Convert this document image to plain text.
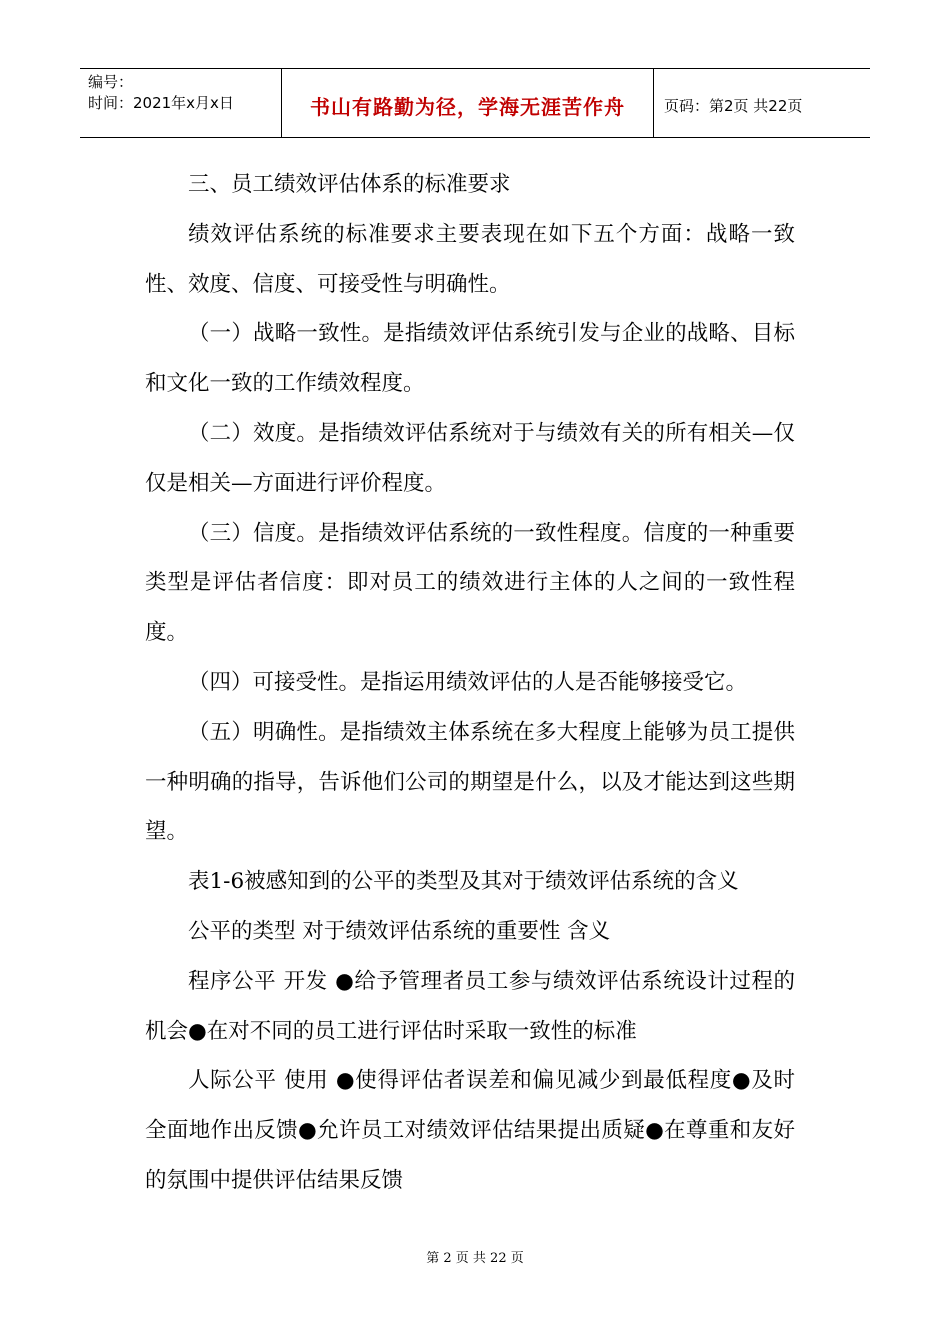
编号：
时间：2021年x月x日	书山有路勤为径，学海无涯苦作舟	页码：第2页 共22页

三、员工绩效评估体系的标准要求

绩效评估系统的标准要求主要表现在如下五个方面：战略一致性、效度、信度、可接受性与明确性。

（一）战略一致性。是指绩效评估系统引发与企业的战略、目标和文化一致的工作绩效程度。

（二）效度。是指绩效评估系统对于与绩效有关的所有相关—仅仅是相关—方面进行评价程度。

（三）信度。是指绩效评估系统的一致性程度。信度的一种重要类型是评估者信度：即对员工的绩效进行主体的人之间的一致性程度。

（四）可接受性。是指运用绩效评估的人是否能够接受它。

（五）明确性。是指绩效主体系统在多大程度上能够为员工提供一种明确的指导，告诉他们公司的期望是什么，以及才能达到这些期望。

表1-6被感知到的公平的类型及其对于绩效评估系统的含义

公平的类型 对于绩效评估系统的重要性 含义

程序公平 开发 ●给予管理者员工参与绩效评估系统设计过程的机会●在对不同的员工进行评估时采取一致性的标准

人际公平 使用 ●使得评估者误差和偏见减少到最低程度●及时全面地作出反馈●允许员工对绩效评估结果提出质疑●在尊重和友好的氛围中提供评估结果反馈

第 2 页 共 22 页
